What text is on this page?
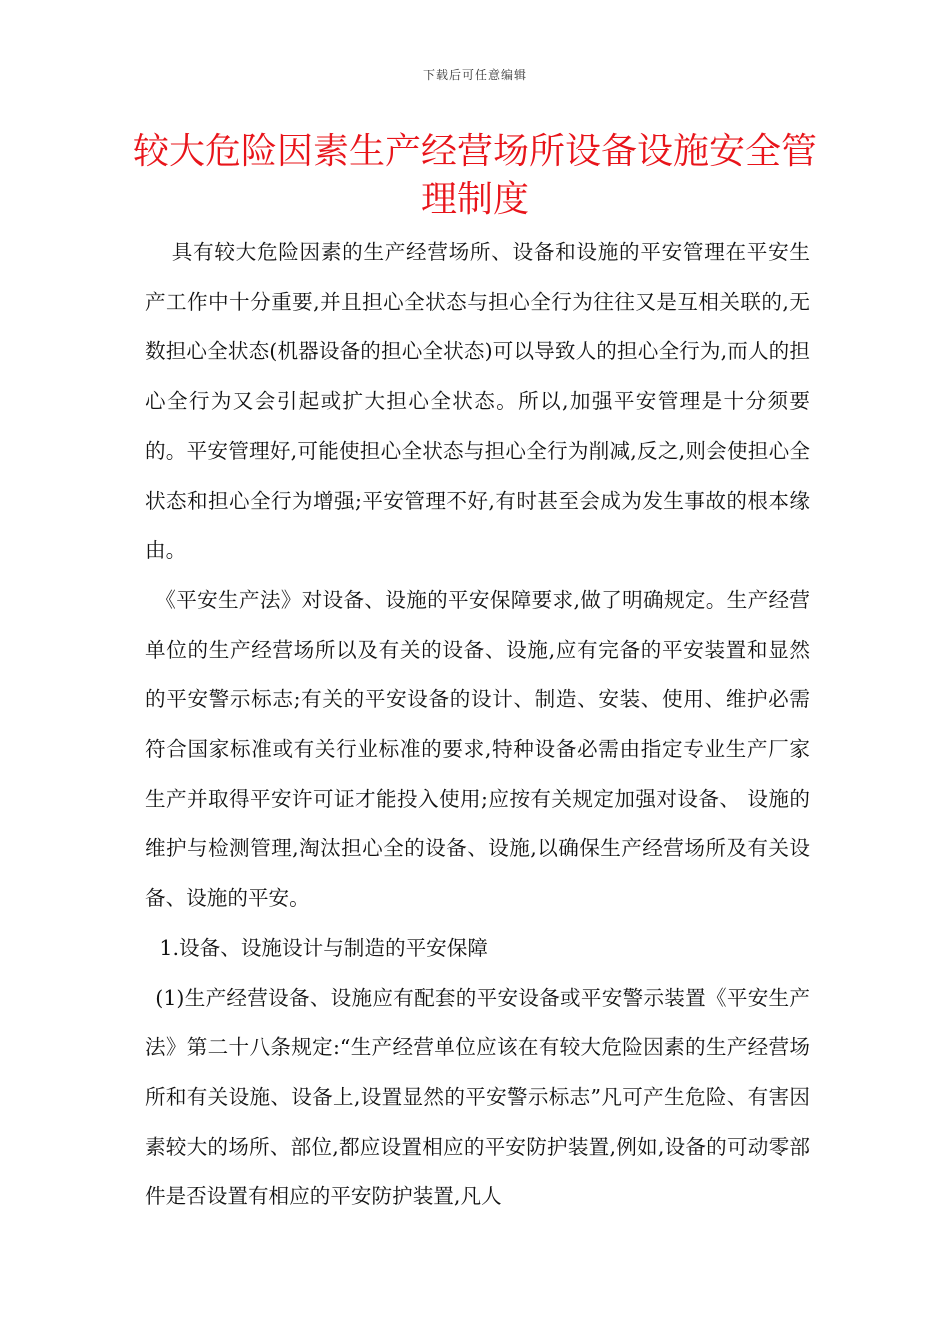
下载后可任意编辑
较大危险因素生产经营场所设备设施安全管理制度

具有较大危险因素的生产经营场所、设备和设施的平安管理在平安生产工作中十分重要,并且担心全状态与担心全行为往往又是互相关联的,无数担心全状态(机器设备的担心全状态)可以导致人的担心全行为,而人的担心全行为又会引起或扩大担心全状态。所以,加强平安管理是十分须要的。平安管理好,可能使担心全状态与担心全行为削减,反之,则会使担心全状态和担心全行为增强;平安管理不好,有时甚至会成为发生事故的根本缘由。

《平安生产法》对设备、设施的平安保障要求,做了明确规定。生产经营单位的生产经营场所以及有关的设备、设施,应有完备的平安装置和显然的平安警示标志;有关的平安设备的设计、制造、安装、使用、维护必需符合国家标准或有关行业标准的要求,特种设备必需由指定专业生产厂家生产并取得平安许可证才能投入使用;应按有关规定加强对设备、 设施的维护与检测管理,淘汰担心全的设备、设施,以确保生产经营场所及有关设备、设施的平安。

1.设备、设施设计与制造的平安保障

(1)生产经营设备、设施应有配套的平安设备或平安警示装置《平安生产法》第二十八条规定:“生产经营单位应该在有较大危险因素的生产经营场所和有关设施、设备上,设置显然的平安警示标志”凡可产生危险、有害因素较大的场所、部位,都应设置相应的平安防护装置,例如,设备的可动零部件是否设置有相应的平安防护装置,凡人
